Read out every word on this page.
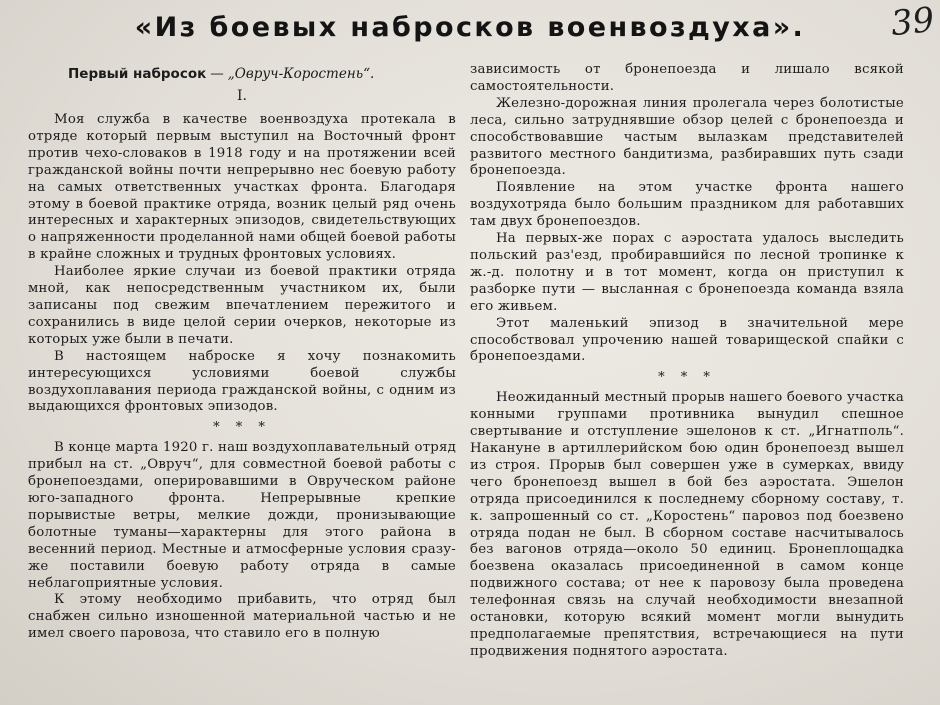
«Из боевых набросков военвоздуха».	39
Первый набросок — „Овруч-Коростень“.
I.

Моя служба в качестве военвоздуха протекала в отряде который первым выступил на Восточный фронт против чехо-словаков в 1918 году и на протяжении всей гражданской войны почти непрерывно нес боевую работу на самых ответственных участках фронта. Благодаря этому в боевой практике отряда, возник целый ряд очень интересных и характерных эпизодов, свидетельствующих о напряженности проделанной нами общей боевой работы в крайне сложных и трудных фронтовых условиях.

Наиболее яркие случаи из боевой практики отряда мной, как непосредственным участником их, были записаны под свежим впечатлением пережитого и сохранились в виде целой серии очерков, некоторые из которых уже были в печати.

В настоящем наброске я хочу познакомить интересующихся условиями боевой службы воздухоплавания периода гражданской войны, с одним из выдающихся фронтовых эпизодов.

* * *

В конце марта 1920 г. наш воздухоплавательный отряд прибыл на ст. „Овруч“, для совместной боевой работы с бронепоездами, оперировавшими в Овруческом районе юго-западного фронта. Непрерывные крепкие порывистые ветры, мелкие дожди, пронизывающие болотные туманы—характерны для этого района в весенний период. Местные и атмосферные условия сразу-же поставили боевую работу отряда в самые неблагоприятные условия.

К этому необходимо прибавить, что отряд был снабжен сильно изношенной материальной частью и не имел своего паровоза, что ставило его в полную

зависимость от бронепоезда и лишало всякой самостоятельности.

Железно-дорожная линия пролегала через болотистые леса, сильно затруднявшие обзор целей с бронепоезда и способствовавшие частым вылазкам представителей развитого местного бандитизма, разбиравших путь сзади бронепоезда.

Появление на этом участке фронта нашего воздухотряда было большим праздником для работавших там двух бронепоездов.

На первых-же порах с аэростата удалось выследить польский раз'езд, пробиравшийся по лесной тропинке к ж.-д. полотну и в тот момент, когда он приступил к разборке пути — высланная с бронепоезда команда взяла его живьем.

Этот маленький эпизод в значительной мере способствовал упрочению нашей товарищеской спайки с бронепоездами.

* * *

Неожиданный местный прорыв нашего боевого участка конными группами противника вынудил спешное свертывание и отступление эшелонов к ст. „Игнатполь“. Накануне в артиллерийском бою один бронепоезд вышел из строя. Прорыв был совершен уже в сумерках, ввиду чего бронепоезд вышел в бой без аэростата. Эшелон отряда присоединился к последнему сборному составу, т. к. запрошенный со ст. „Коростень“ паровоз под боезвено отряда подан не был. В сборном составе насчитывалось без вагонов отряда—около 50 единиц. Бронеплощадка боезвена оказалась присоединенной в самом конце подвижного состава; от нее к паровозу была проведена телефонная связь на случай необходимости внезапной остановки, которую всякий момент могли вынудить предполагаемые препятствия, встречающиеся на пути продвижения поднятого аэростата.
